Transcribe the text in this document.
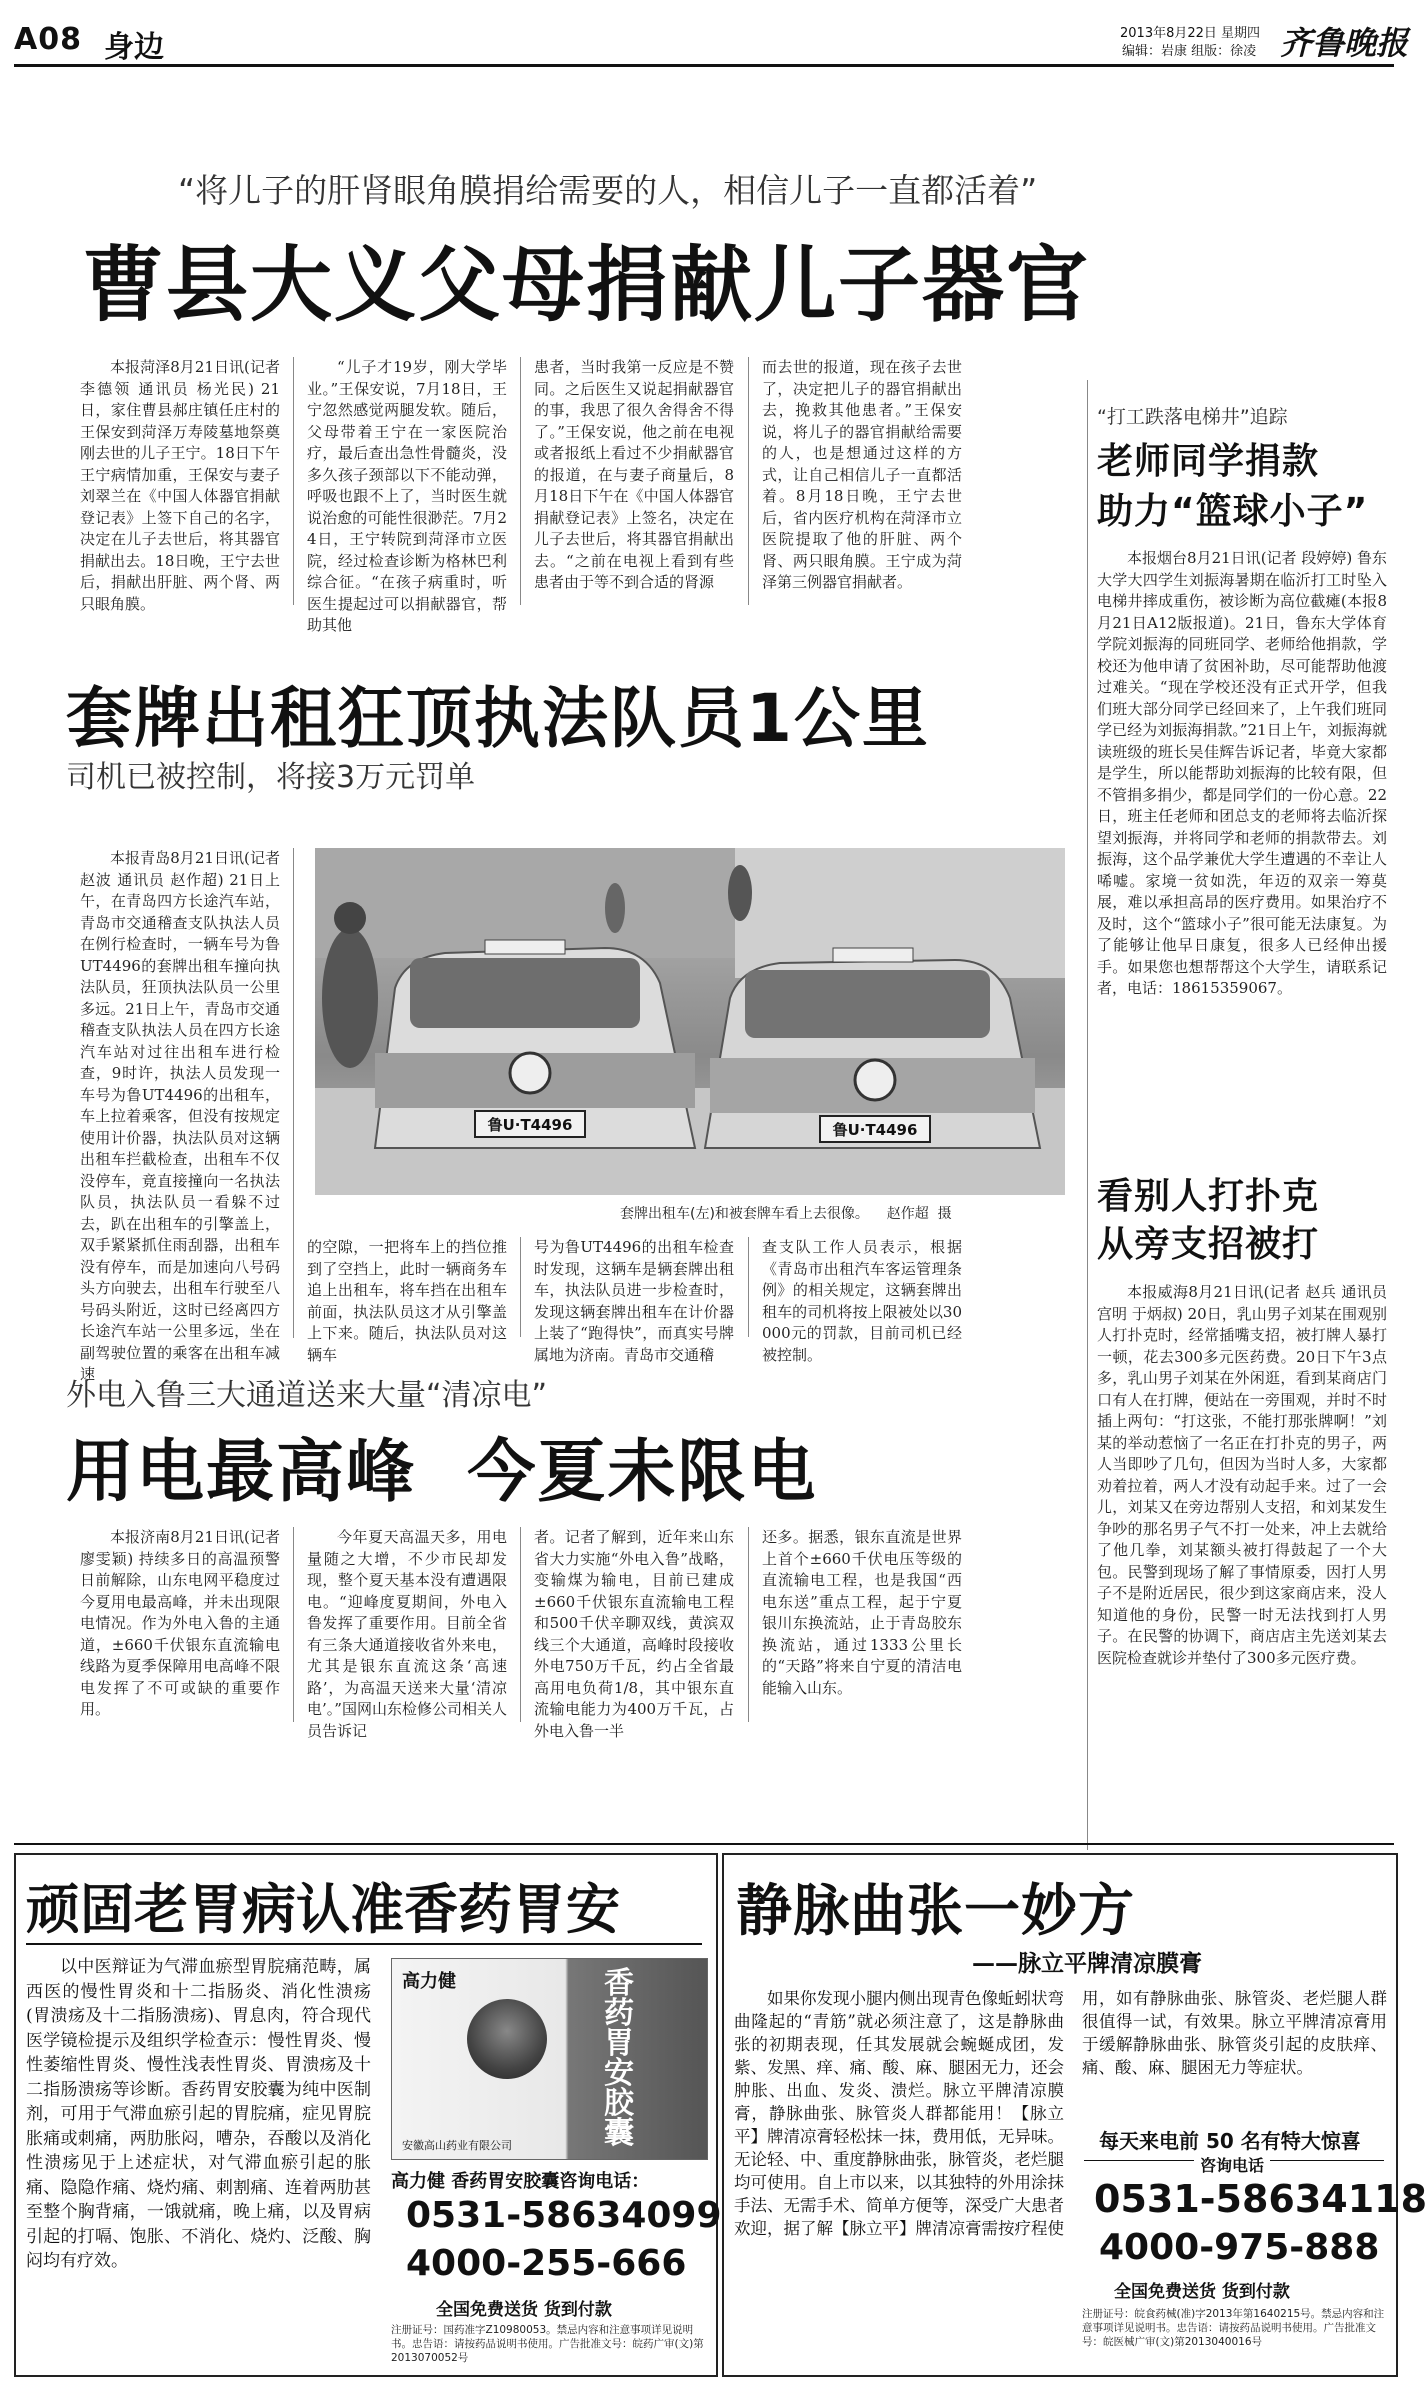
A08 身边	2013年8月22日 星期四
编辑：岩康 组版：徐凌 齐鲁晚报
“将儿子的肝肾眼角膜捐给需要的人，相信儿子一直都活着”
曹县大义父母捐献儿子器官
本报菏泽8月21日讯(记者 李德领 通讯员 杨光民) 21日，家住曹县郝庄镇任庄村的王保安到菏泽万寿陵墓地祭奠刚去世的儿子王宁。18日下午王宁病情加重，王保安与妻子刘翠兰在《中国人体器官捐献登记表》上签下自己的名字，决定在儿子去世后，将其器官捐献出去。18日晚，王宁去世后，捐献出肝脏、两个肾、两只眼角膜。
“儿子才19岁，刚大学毕业。”王保安说，7月18日，王宁忽然感觉两腿发软。随后，父母带着王宁在一家医院治疗，最后查出急性骨髓炎，没多久孩子颈部以下不能动弹，呼吸也跟不上了，当时医生就说治愈的可能性很渺茫。7月24日，王宁转院到菏泽市立医院，经过检查诊断为格林巴利综合征。“在孩子病重时，听医生提起过可以捐献器官，帮助其他
患者，当时我第一反应是不赞同。之后医生又说起捐献器官的事，我思了很久舍得舍不得了。”王保安说，他之前在电视或者报纸上看过不少捐献器官的报道，在与妻子商量后，8月18日下午在《中国人体器官捐献登记表》上签名，决定在儿子去世后，将其器官捐献出去。“之前在电视上看到有些患者由于等不到合适的肾源
而去世的报道，现在孩子去世了，决定把儿子的器官捐献出去，挽救其他患者。”王保安说，将儿子的器官捐献给需要的人，也是想通过这样的方式，让自己相信儿子一直都活着。8月18日晚，王宁去世后，省内医疗机构在菏泽市立医院提取了他的肝脏、两个肾、两只眼角膜。王宁成为菏泽第三例器官捐献者。
套牌出租狂顶执法队员1公里
司机已被控制，将接3万元罚单
本报青岛8月21日讯(记者 赵波 通讯员 赵作超) 21日上午，在青岛四方长途汽车站，青岛市交通稽查支队执法人员在例行检查时，一辆车号为鲁UT4496的套牌出租车撞向执法队员，狂顶执法队员一公里多远。21日上午，青岛市交通稽查支队执法人员在四方长途汽车站对过往出租车进行检查，9时许，执法人员发现一车号为鲁UT4496的出租车，车上拉着乘客，但没有按规定使用计价器，执法队员对这辆出租车拦截检查，出租车不仅没停车，竟直接撞向一名执法队员，执法队员一看躲不过去，趴在出租车的引擎盖上，双手紧紧抓住雨刮器，出租车没有停车，而是加速向八号码头方向驶去，出租车行驶至八号码头附近，这时已经离四方长途汽车站一公里多远，坐在副驾驶位置的乘客在出租车减速
鲁U·T4496	鲁U·T4496
套牌出租车(左)和被套牌车看上去很像。    赵作超  摄
的空隙，一把将车上的挡位推到了空挡上，此时一辆商务车追上出租车，将车挡在出租车前面，执法队员这才从引擎盖上下来。随后，执法队员对这辆车
号为鲁UT4496的出租车检查时发现，这辆车是辆套牌出租车，执法队员进一步检查时，发现这辆套牌出租车在计价器上装了“跑得快”，而真实号牌属地为济南。青岛市交通稽
查支队工作人员表示，根据《青岛市出租汽车客运管理条例》的相关规定，这辆套牌出租车的司机将按上限被处以30000元的罚款，目前司机已经被控制。
外电入鲁三大通道送来大量“清凉电”
用电最高峰  今夏未限电
本报济南8月21日讯(记者 廖雯颖) 持续多日的高温预警日前解除，山东电网平稳度过今夏用电最高峰，并未出现限电情况。作为外电入鲁的主通道，±660千伏银东直流输电线路为夏季保障用电高峰不限电发挥了不可或缺的重要作用。
今年夏天高温天多，用电量随之大增，不少市民却发现，整个夏天基本没有遭遇限电。“迎峰度夏期间，外电入鲁发挥了重要作用。目前全省有三条大通道接收省外来电，尤其是银东直流这条‘高速路’，为高温天送来大量‘清凉电’。”国网山东检修公司相关人员告诉记
者。记者了解到，近年来山东省大力实施“外电入鲁”战略，变输煤为输电，目前已建成±660千伏银东直流输电工程和500千伏辛聊双线，黄滨双线三个大通道，高峰时段接收外电750万千瓦，约占全省最高用电负荷1/8，其中银东直流输电能力为400万千瓦，占外电入鲁一半
还多。据悉，银东直流是世界上首个±660千伏电压等级的直流输电工程，也是我国“西电东送”重点工程，起于宁夏银川东换流站，止于青岛胶东换流站，通过1333公里长的“天路”将来自宁夏的清洁电能输入山东。
“打工跌落电梯井”追踪
老师同学捐款
助力“篮球小子”
本报烟台8月21日讯(记者 段婷婷) 鲁东大学大四学生刘振海暑期在临沂打工时坠入电梯井摔成重伤，被诊断为高位截瘫(本报8月21日A12版报道)。21日，鲁东大学体育学院刘振海的同班同学、老师给他捐款，学校还为他申请了贫困补助，尽可能帮助他渡过难关。“现在学校还没有正式开学，但我们班大部分同学已经回来了，上午我们班同学已经为刘振海捐款。”21日上午，刘振海就读班级的班长吴佳辉告诉记者，毕竟大家都是学生，所以能帮助刘振海的比较有限，但不管捐多捐少，都是同学们的一份心意。22日，班主任老师和团总支的老师将去临沂探望刘振海，并将同学和老师的捐款带去。刘振海，这个品学兼优大学生遭遇的不幸让人唏嘘。家境一贫如洗，年迈的双亲一筹莫展，难以承担高昂的医疗费用。如果治疗不及时，这个“篮球小子”很可能无法康复。为了能够让他早日康复，很多人已经伸出援手。如果您也想帮帮这个大学生，请联系记者，电话：18615359067。
看别人打扑克
从旁支招被打
本报威海8月21日讯(记者 赵兵 通讯员 宫明 于炳叔) 20日，乳山男子刘某在围观别人打扑克时，经常插嘴支招，被打牌人暴打一顿，花去300多元医药费。20日下午3点多，乳山男子刘某在外闲逛，看到某商店门口有人在打牌，便站在一旁围观，并时不时插上两句：“打这张，不能打那张牌啊！”刘某的举动惹恼了一名正在打扑克的男子，两人当即吵了几句，但因为当时人多，大家都劝着拉着，两人才没有动起手来。过了一会儿，刘某又在旁边帮别人支招，和刘某发生争吵的那名男子气不打一处来，冲上去就给了他几拳，刘某额头被打得鼓起了一个大包。民警到现场了解了事情原委，因打人男子不是附近居民，很少到这家商店来，没人知道他的身份，民警一时无法找到打人男子。在民警的协调下，商店店主先送刘某去医院检查就诊并垫付了300多元医疗费。
顽固老胃病认准香药胃安
以中医辩证为气滞血瘀型胃脘痛范畴，属西医的慢性胃炎和十二指肠炎、消化性溃疡(胃溃疡及十二指肠溃疡)、胃息肉，符合现代医学镜检提示及组织学检查示：慢性胃炎、慢性萎缩性胃炎、慢性浅表性胃炎、胃溃疡及十二指肠溃疡等诊断。香药胃安胶囊为纯中医制剂，可用于气滞血瘀引起的胃脘痛，症见胃脘胀痛或刺痛，两肋胀闷，嘈杂，吞酸以及消化性溃疡见于上述症状，对气滞血瘀引起的胀痛、隐隐作痛、烧灼痛、刺割痛、连着两肋甚至整个胸背痛，一饿就痛，晚上痛，以及胃病引起的打嗝、饱胀、不消化、烧灼、泛酸、胸闷均有疗效。
高力健
安徽高山药业有限公司
香药胃安胶囊
高力健 香药胃安胶囊咨询电话：
0531-58634099
4000-255-666
全国免费送货 货到付款
注册证号：国药准字Z10980053。禁忌内容和注意事项详见说明书。忠告语：请按药品说明书使用。广告批准文号：皖药广审(文)第2013070052号
静脉曲张一妙方
——脉立平牌清凉膜膏
如果你发现小腿内侧出现青色像蚯蚓状弯曲隆起的“青筋”就必须注意了，这是静脉曲张的初期表现，任其发展就会蜿蜒成团，发紫、发黑、痒、痛、酸、麻、腿困无力，还会肿胀、出血、发炎、溃烂。脉立平牌清凉膜膏，静脉曲张、脉管炎人群都能用！【脉立平】牌清凉膏轻松抹一抹，费用低，无异味。无论轻、中、重度静脉曲张，脉管炎，老烂腿均可使用。自上市以来，以其独特的外用涂抹手法、无需手术、简单方便等，深受广大患者欢迎，据了解【脉立平】牌清凉膏需按疗程使
用，如有静脉曲张、脉管炎、老烂腿人群很值得一试，有效果。脉立平牌清凉膏用于缓解静脉曲张、脉管炎引起的皮肤痒、痛、酸、麻、腿困无力等症状。
每天来电前 50 名有特大惊喜
咨询电话
0531-58634118
4000-975-888
全国免费送货 货到付款
注册证号：皖食药械(准)字2013年第1640215号。禁忌内容和注意事项详见说明书。忠告语：请按药品说明书使用。广告批准文号：皖医械广审(文)第2013040016号
